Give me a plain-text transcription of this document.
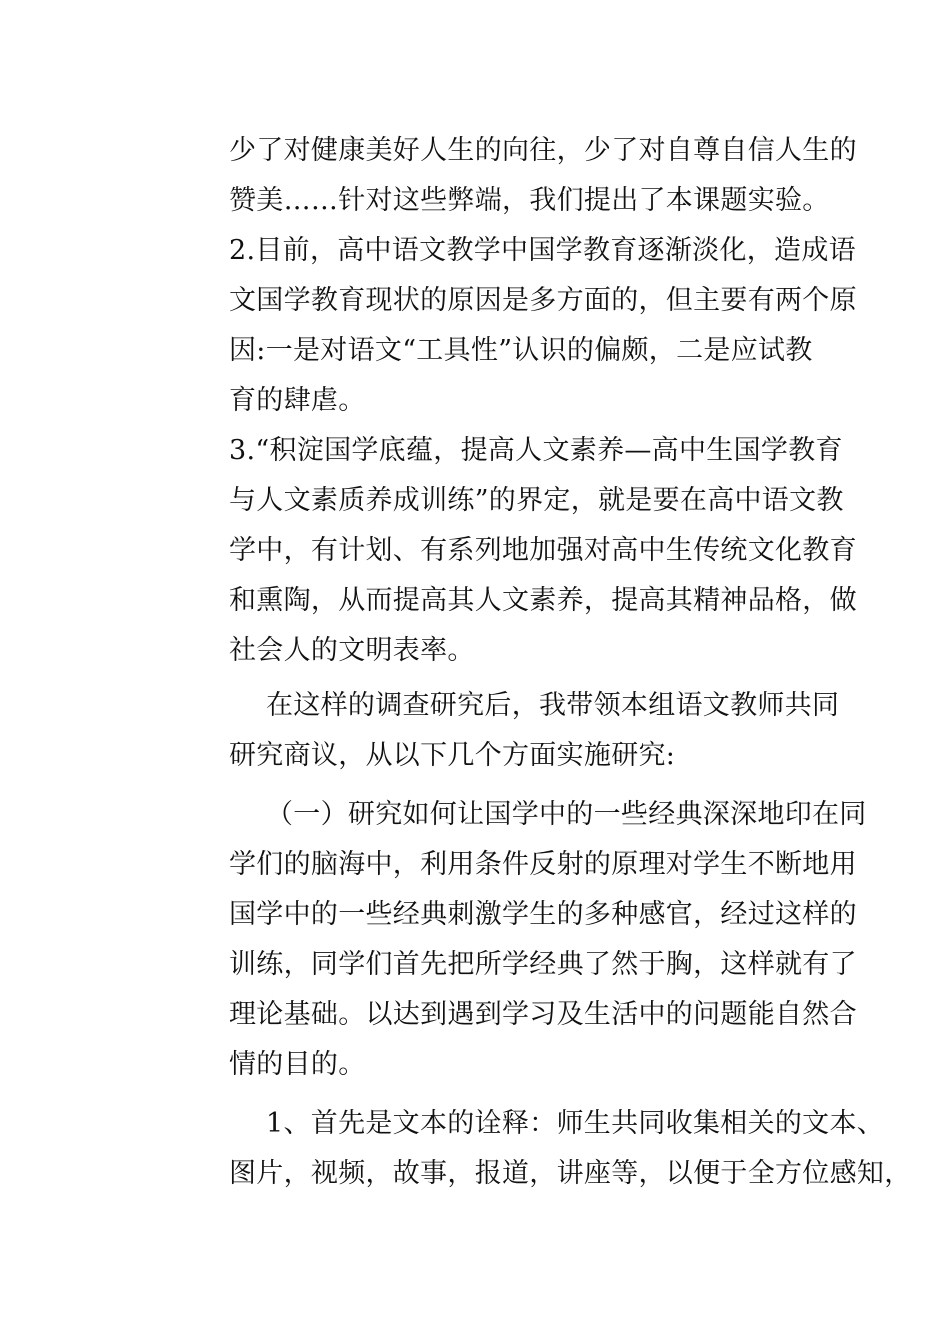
少了对健康美好人生的向往，少了对自尊自信人生的
赞美……针对这些弊端，我们提出了本课题实验。
2.目前，高中语文教学中国学教育逐渐淡化，造成语
文国学教育现状的原因是多方面的，但主要有两个原
因:一是对语文“工具性”认识的偏颇，二是应试教
育的肆虐。
3.“积淀国学底蕴，提高人文素养—高中生国学教育
与人文素质养成训练”的界定，就是要在高中语文教
学中，有计划、有系列地加强对高中生传统文化教育
和熏陶，从而提高其人文素养，提高其精神品格，做
社会人的文明表率。
在这样的调查研究后，我带领本组语文教师共同
研究商议，从以下几个方面实施研究:
（一）研究如何让国学中的一些经典深深地印在同
学们的脑海中，利用条件反射的原理对学生不断地用
国学中的一些经典刺激学生的多种感官，经过这样的
训练，同学们首先把所学经典了然于胸，这样就有了
理论基础。以达到遇到学习及生活中的问题能自然合
情的目的。
1、首先是文本的诠释：师生共同收集相关的文本、
图片，视频，故事，报道，讲座等，以便于全方位感知，
